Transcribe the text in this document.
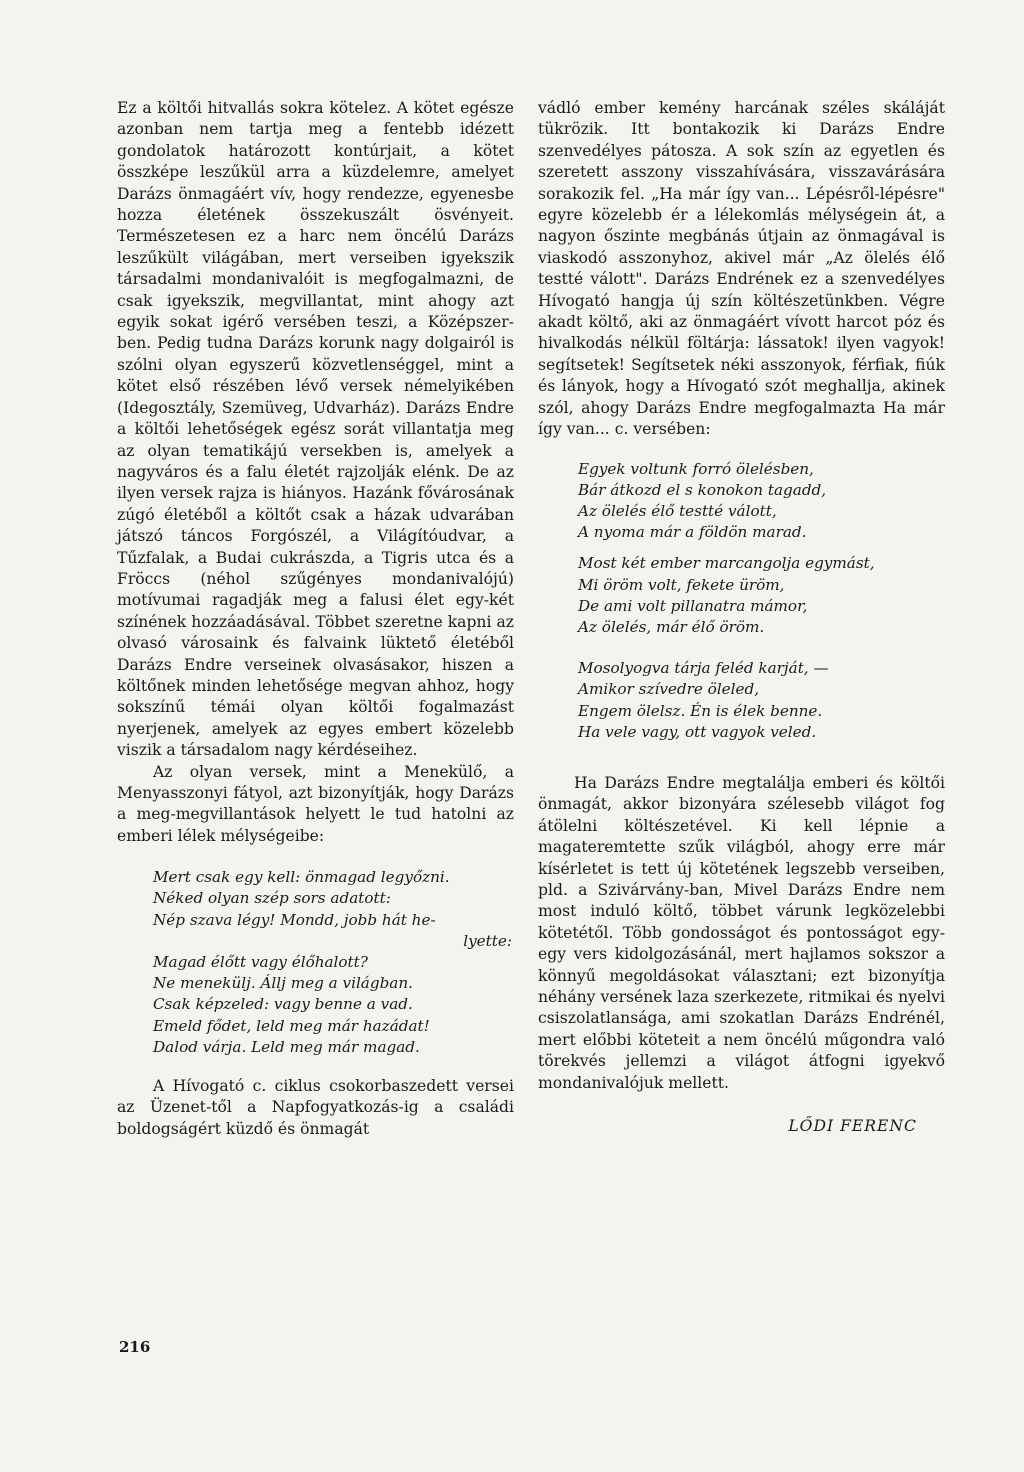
Ez a költői hitvallás sokra kötelez. A kötet egésze azonban nem tartja meg a fentebb idézett gondolatok határozott kontúrjait, a kötet összképe leszűkül arra a küzdelemre, amelyet Darázs önmagáért vív, hogy rendezze, egyenesbe hozza életének összekuszált ösvényeit. Természetesen ez a harc nem öncélú Darázs leszűkült világában, mert verseiben igyekszik társadalmi mondanivalóit is megfogalmazni, de csak igyekszik, megvillantat, mint ahogy azt egyik sokat igérő versében teszi, a Középszer-ben. Pedig tudna Darázs korunk nagy dolgairól is szólni olyan egyszerű közvetlenséggel, mint a kötet első részében lévő versek némelyikében (Idegosztály, Szemüveg, Udvarház). Darázs Endre a költői lehetőségek egész sorát villantatja meg az olyan tematikájú versekben is, amelyek a nagyváros és a falu életét rajzolják elénk. De az ilyen versek rajza is hiányos. Hazánk fővárosának zúgó életéből a költőt csak a házak udvarában játszó táncos Forgószél, a Világítóudvar, a Tűzfalak, a Budai cukrászda, a Tigris utca és a Fröccs (néhol szűgényes mondanivalójú) motívumai ragadják meg a falusi élet egy-két színének hozzáadásával. Többet szeretne kapni az olvasó városaink és falvaink lüktető életéből Darázs Endre verseinek olvasásakor, hiszen a költőnek minden lehetősége megvan ahhoz, hogy sokszínű témái olyan költői fogalmazást nyerjenek, amelyek az egyes embert közelebb viszik a társadalom nagy kérdéseihez.

Az olyan versek, mint a Menekülő, a Menyasszonyi fátyol, azt bizonyítják, hogy Darázs a meg-megvillantások helyett le tud hatolni az emberi lélek mélységeibe:

Mert csak egy kell: önmagad legyőzni.
Néked olyan szép sors adatott:
Nép szava légy! Mondd, jobb hát he-
lyette:
Magad élőtt vagy élőhalott?
Ne menekülj. Állj meg a világban.
Csak képzeled: vagy benne a vad.
Emeld fődet, leld meg már hazádat!
Dalod várja. Leld meg már magad.

A Hívogató c. ciklus csokorbaszedett versei az Üzenet-től a Napfogyatkozás-ig a családi boldogságért küzdő és önmagát

vádló ember kemény harcának széles skáláját tükrözik. Itt bontakozik ki Darázs Endre szenvedélyes pátosza. A sok szín az egyetlen és szeretett asszony visszahívására, visszavárására sorakozik fel. „Ha már így van... Lépésről-lépésre" egyre közelebb ér a lélekomlás mélységein át, a nagyon őszinte megbánás útjain az önmagával is viaskodó asszonyhoz, akivel már „Az ölelés élő testté válott". Darázs Endrének ez a szenvedélyes Hívogató hangja új szín költészetünkben. Végre akadt költő, aki az önmagáért vívott harcot póz és hivalkodás nélkül föltárja: lássatok! ilyen vagyok! segítsetek! Segítsetek néki asszonyok, férfiak, fiúk és lányok, hogy a Hívogató szót meghallja, akinek szól, ahogy Darázs Endre megfogalmazta Ha már így van... c. versében:

Egyek voltunk forró ölelésben,
Bár átkozd el s konokon tagadd,
Az ölelés élő testté válott,
A nyoma már a földön marad.
Most két ember marcangolja egymást,
Mi öröm volt, fekete üröm,
De ami volt pillanatra mámor,
Az ölelés, már élő öröm.
Mosolyogva tárja feléd karját, —
Amikor szívedre öleled,
Engem ölelsz. Én is élek benne.
Ha vele vagy, ott vagyok veled.

Ha Darázs Endre megtalálja emberi és költői önmagát, akkor bizonyára szélesebb világot fog átölelni költészetével. Ki kell lépnie a magateremtette szűk világból, ahogy erre már kísérletet is tett új kötetének legszebb verseiben, pld. a Szivárvány-ban, Mivel Darázs Endre nem most induló költő, többet várunk legközelebbi kötetétől. Több gondosságot és pontosságot egy-egy vers kidolgozásánál, mert hajlamos sokszor a könnyű megoldásokat választani; ezt bizonyítja néhány versének laza szerkezete, ritmikai és nyelvi csiszolatlansága, ami szokatlan Darázs Endrénél, mert előbbi köteteit a nem öncélú műgondra való törekvés jellemzi a világot átfogni igyekvő mondanivalójuk mellett.

LŐDI FERENC
216
